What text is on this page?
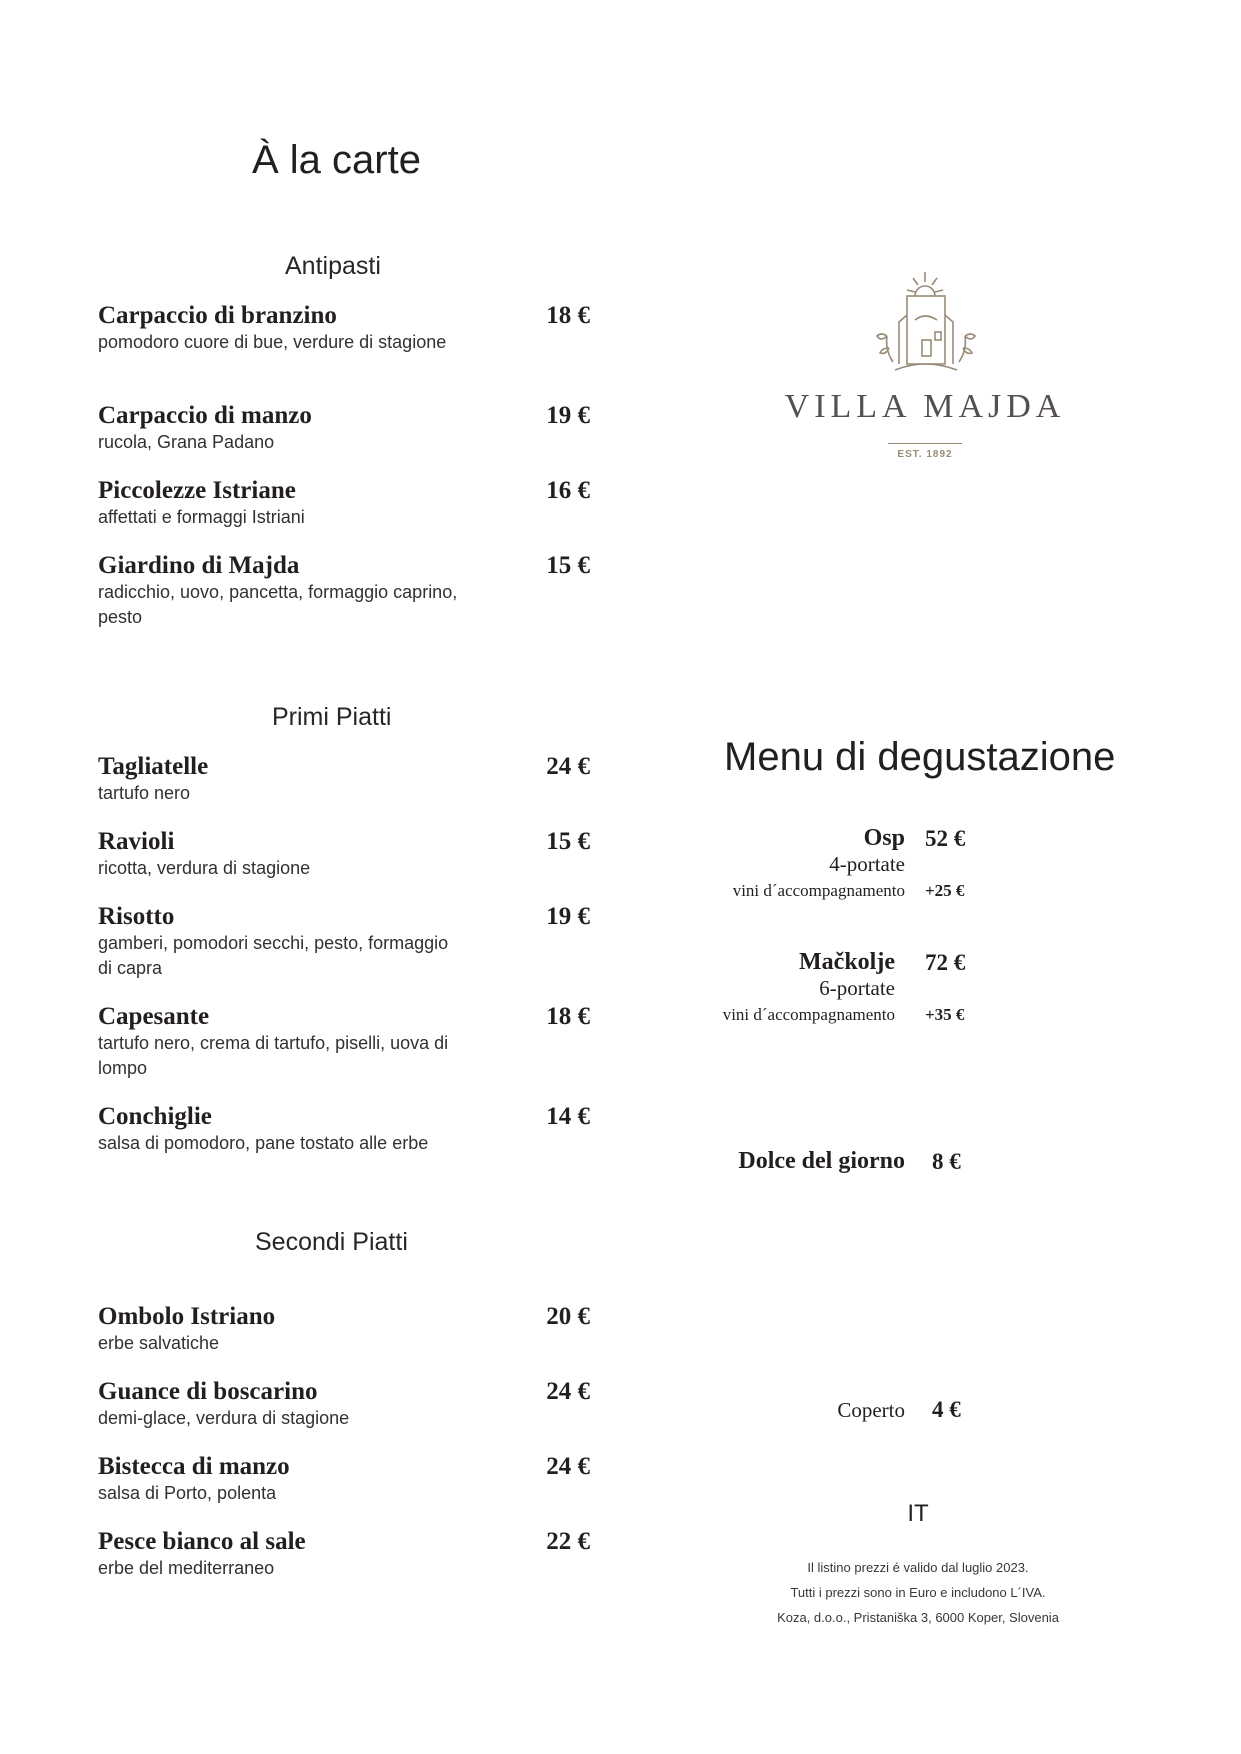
À la carte
Antipasti
Carpaccio di branzino	18 €
pomodoro cuore di bue, verdure di stagione
Carpaccio di manzo	19 €
rucola, Grana Padano
Piccolezze Istriane	16 €
affettati e formaggi Istriani
Giardino di Majda	15 €
radicchio, uovo, pancetta, formaggio caprino, pesto
Primi Piatti
Tagliatelle	24 €
tartufo nero
Ravioli	15 €
ricotta, verdura di stagione
Risotto	19 €
gamberi, pomodori secchi, pesto, formaggio di capra
Capesante	18 €
tartufo nero, crema di tartufo, piselli, uova di lompo
Conchiglie	14 €
salsa di pomodoro, pane tostato alle erbe
Secondi Piatti
Ombolo Istriano	20 €
erbe salvatiche
Guance di boscarino	24 €
demi-glace, verdura di stagione
Bistecca di manzo	24 €
salsa di Porto, polenta
Pesce bianco al sale	22 €
erbe del mediterraneo
VILLA MAJDA
EST. 1892
Menu di degustazione
Osp 52 €
4-portate
vini d´accompagnamento +25 €
Mačkolje 72 €
6-portate
vini d´accompagnamento +35 €
Dolce del giorno 8 €
Coperto 4 €
IT
Il listino prezzi é valido dal luglio 2023.
Tutti i prezzi sono in Euro e includono L´IVA.
Koza, d.o.o., Pristaniška 3, 6000 Koper, Slovenia
